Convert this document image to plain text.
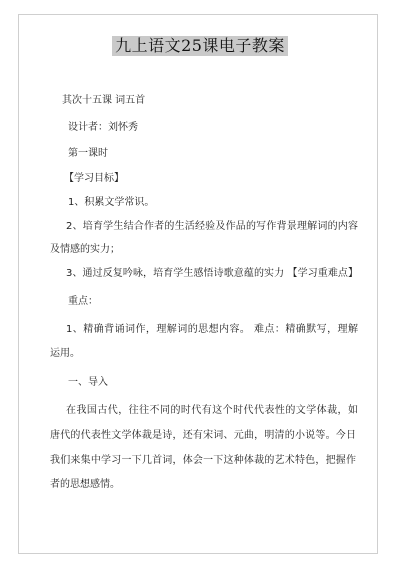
九上语文25课电子教案
其次十五课 词五首
设计者：刘怀秀
第一课时
【学习目标】
1、积累文学常识。
2、培育学生结合作者的生活经验及作品的写作背景理解词的内容
及情感的实力；
3、通过反复吟咏，培育学生感悟诗歌意蕴的实力 【学习重难点】
重点：
1、精确背诵词作，理解词的思想内容。 难点：精确默写，理解
运用。
一、导入
在我国古代，往往不同的时代有这个时代代表性的文学体裁，如
唐代的代表性文学体裁是诗，还有宋词、元曲，明清的小说等。今日
我们来集中学习一下几首词，体会一下这种体裁的艺术特色，把握作
者的思想感情。
